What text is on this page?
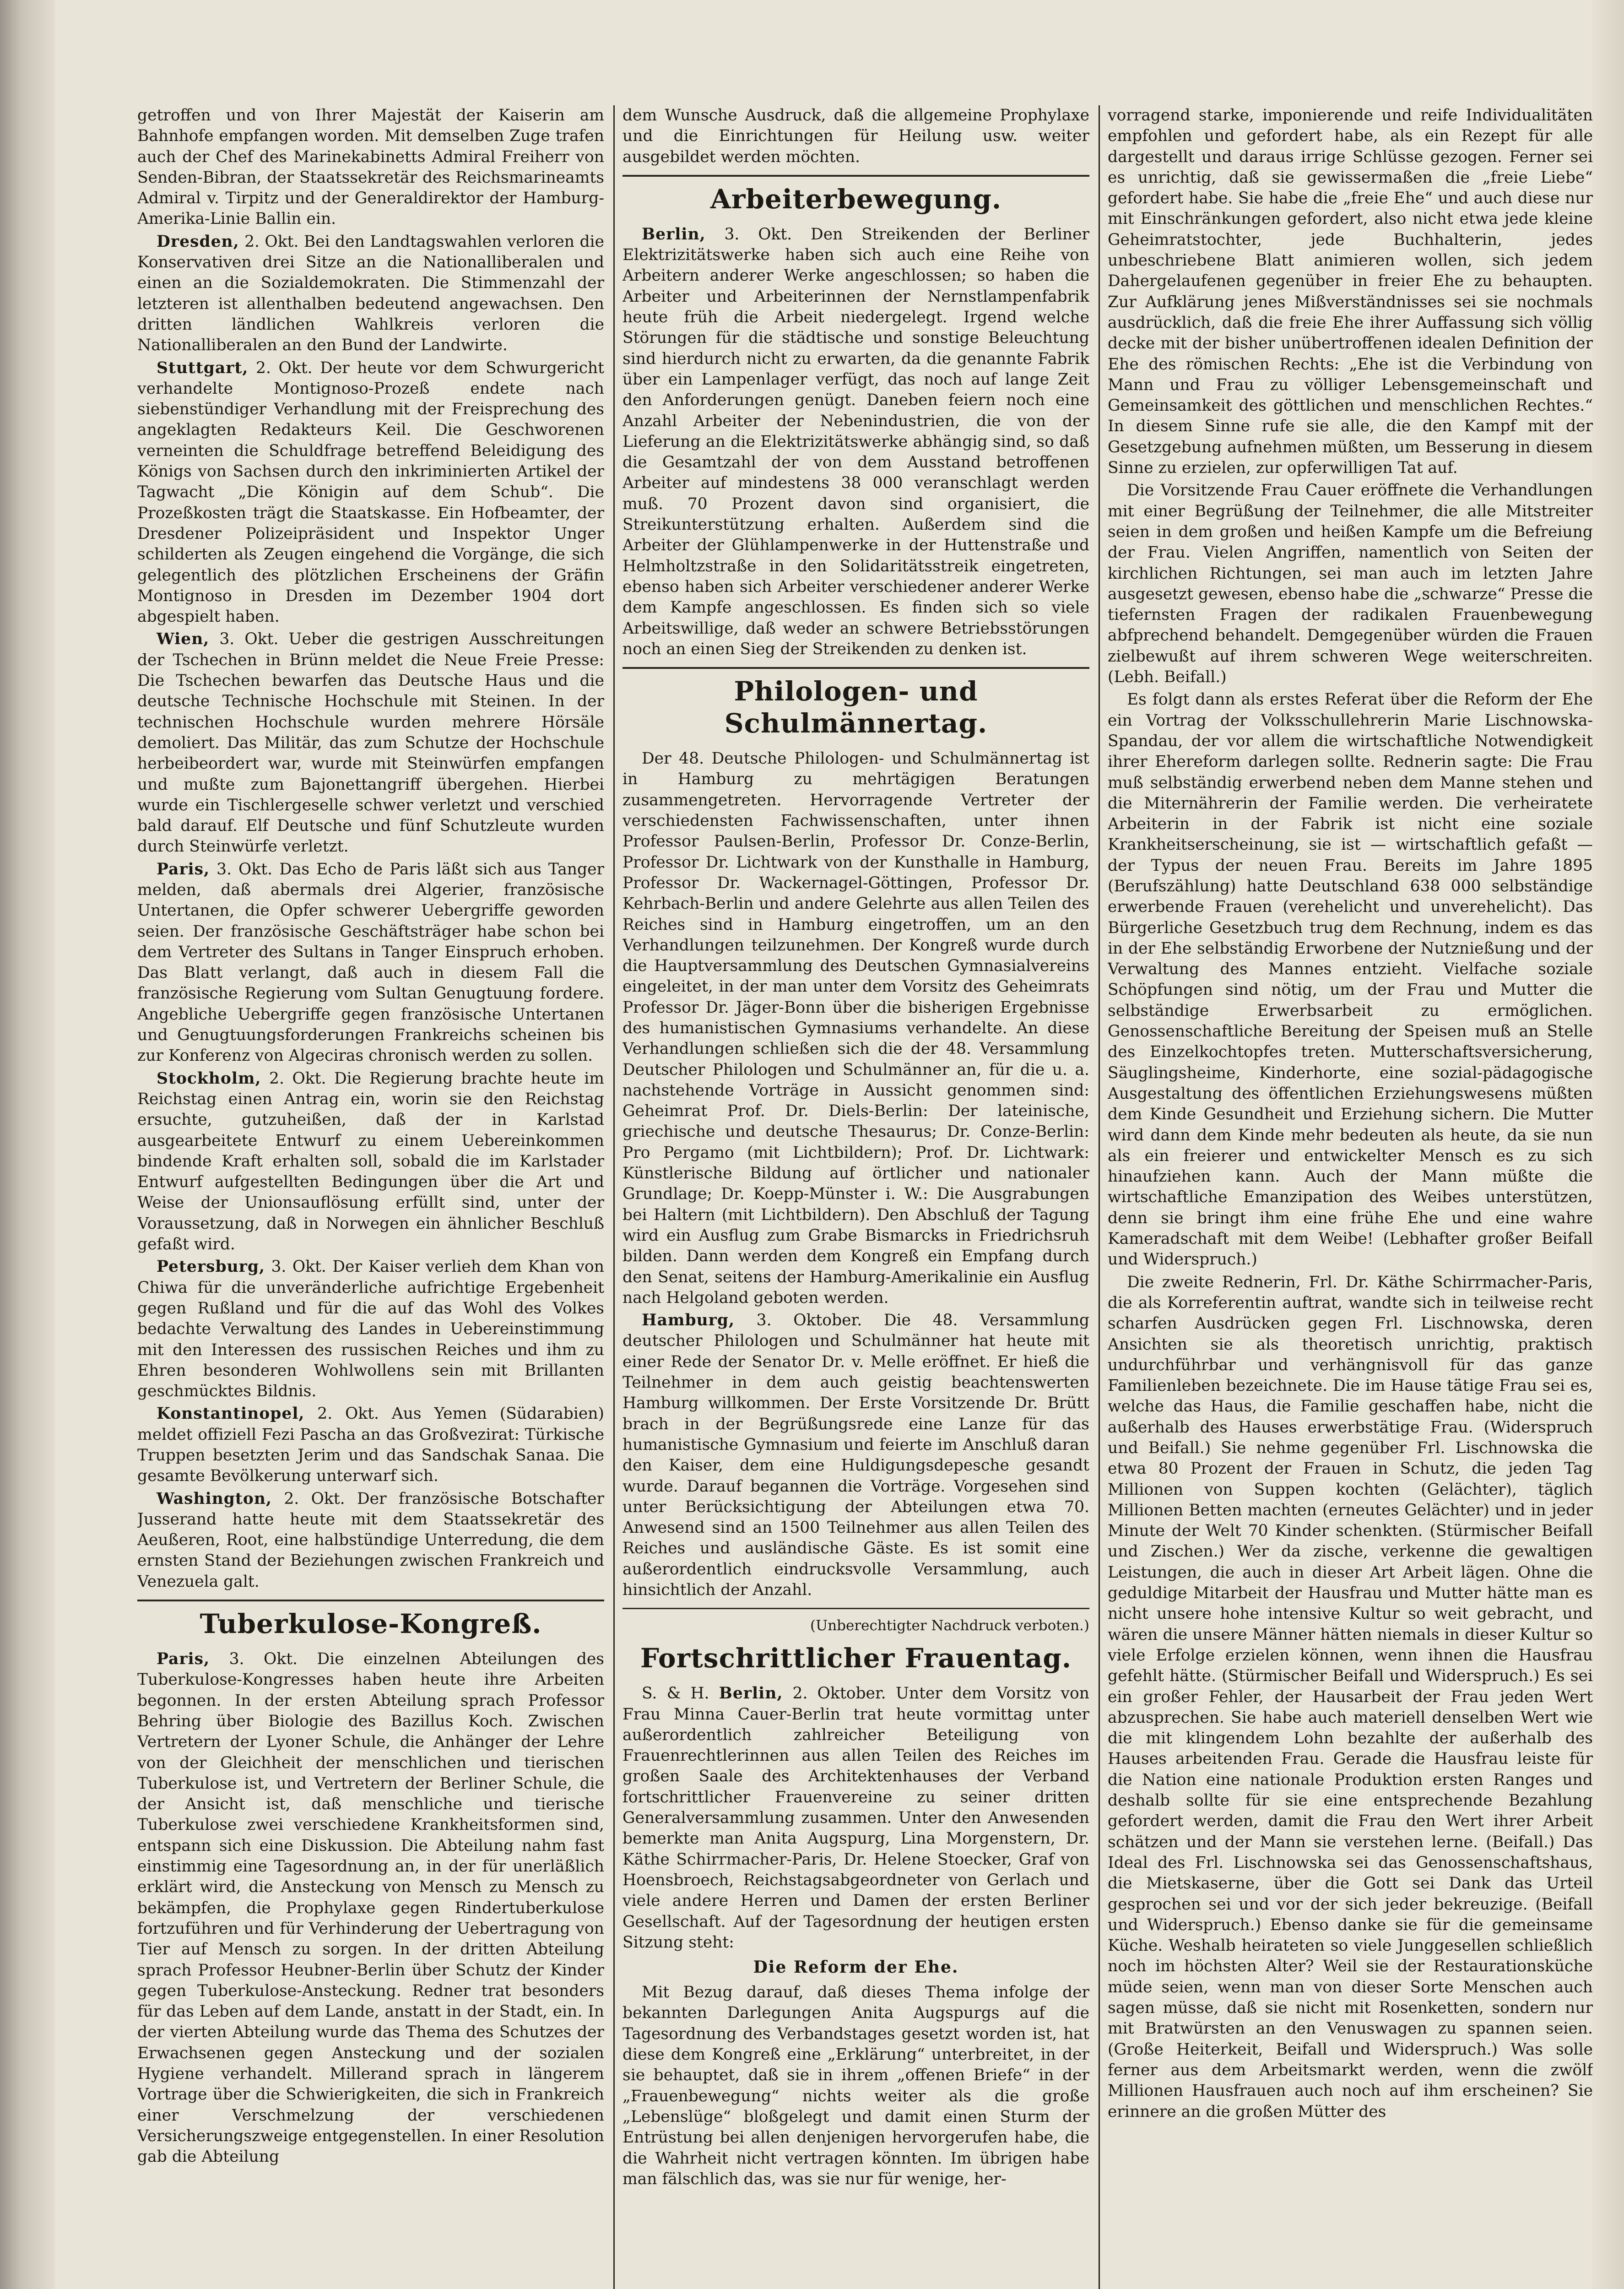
getroffen und von Ihrer Majestät der Kaiserin am Bahnhofe empfangen worden. Mit demselben Zuge trafen auch der Chef des Marinekabinetts Admiral Freiherr von Senden-Bibran, der Staatssekretär des Reichsmarineamts Admiral v. Tirpitz und der Generaldirektor der Hamburg-Amerika-Linie Ballin ein.

Dresden, 2. Okt. Bei den Landtagswahlen verloren die Konservativen drei Sitze an die Nationalliberalen und einen an die Sozialdemokraten. Die Stimmenzahl der letzteren ist allenthalben bedeutend angewachsen. Den dritten ländlichen Wahlkreis verloren die Nationalliberalen an den Bund der Landwirte.

Stuttgart, 2. Okt. Der heute vor dem Schwurgericht verhandelte Montignoso-Prozeß endete nach siebenstündiger Verhandlung mit der Freisprechung des angeklagten Redakteurs Keil. Die Geschworenen verneinten die Schuldfrage betreffend Beleidigung des Königs von Sachsen durch den inkriminierten Artikel der Tagwacht „Die Königin auf dem Schub“. Die Prozeßkosten trägt die Staatskasse. Ein Hofbeamter, der Dresdener Polizeipräsident und Inspektor Unger schilderten als Zeugen eingehend die Vorgänge, die sich gelegentlich des plötzlichen Erscheinens der Gräfin Montignoso in Dresden im Dezember 1904 dort abgespielt haben.

Wien, 3. Okt. Ueber die gestrigen Ausschreitungen der Tschechen in Brünn meldet die Neue Freie Presse: Die Tschechen bewarfen das Deutsche Haus und die deutsche Technische Hochschule mit Steinen. In der technischen Hochschule wurden mehrere Hörsäle demoliert. Das Militär, das zum Schutze der Hochschule herbeibeordert war, wurde mit Steinwürfen empfangen und mußte zum Bajonettangriff übergehen. Hierbei wurde ein Tischlergeselle schwer verletzt und verschied bald darauf. Elf Deutsche und fünf Schutzleute wurden durch Steinwürfe verletzt.

Paris, 3. Okt. Das Echo de Paris läßt sich aus Tanger melden, daß abermals drei Algerier, französische Untertanen, die Opfer schwerer Uebergriffe geworden seien. Der französische Geschäftsträger habe schon bei dem Vertreter des Sultans in Tanger Einspruch erhoben. Das Blatt verlangt, daß auch in diesem Fall die französische Regierung vom Sultan Genugtuung fordere. Angebliche Uebergriffe gegen französische Untertanen und Genugtuungsforderungen Frankreichs scheinen bis zur Konferenz von Algeciras chronisch werden zu sollen.

Stockholm, 2. Okt. Die Regierung brachte heute im Reichstag einen Antrag ein, worin sie den Reichstag ersuchte, gutzuheißen, daß der in Karlstad ausgearbeitete Entwurf zu einem Uebereinkommen bindende Kraft erhalten soll, sobald die im Karlstader Entwurf aufgestellten Bedingungen über die Art und Weise der Unionsauflösung erfüllt sind, unter der Voraussetzung, daß in Norwegen ein ähnlicher Beschluß gefaßt wird.

Petersburg, 3. Okt. Der Kaiser verlieh dem Khan von Chiwa für die unveränderliche aufrichtige Ergebenheit gegen Rußland und für die auf das Wohl des Volkes bedachte Verwaltung des Landes in Uebereinstimmung mit den Interessen des russischen Reiches und ihm zu Ehren besonderen Wohlwollens sein mit Brillanten geschmücktes Bildnis.

Konstantinopel, 2. Okt. Aus Yemen (Südarabien) meldet offiziell Fezi Pascha an das Großvezirat: Türkische Truppen besetzten Jerim und das Sandschak Sanaa. Die gesamte Bevölkerung unterwarf sich.

Washington, 2. Okt. Der französische Botschafter Jusserand hatte heute mit dem Staatssekretär des Aeußeren, Root, eine halbstündige Unterredung, die dem ernsten Stand der Beziehungen zwischen Frankreich und Venezuela galt.

Tuberkulose-Kongreß.

Paris, 3. Okt. Die einzelnen Abteilungen des Tuberkulose-Kongresses haben heute ihre Arbeiten begonnen. In der ersten Abteilung sprach Professor Behring über Biologie des Bazillus Koch. Zwischen Vertretern der Lyoner Schule, die Anhänger der Lehre von der Gleichheit der menschlichen und tierischen Tuberkulose ist, und Vertretern der Berliner Schule, die der Ansicht ist, daß menschliche und tierische Tuberkulose zwei verschiedene Krankheitsformen sind, entspann sich eine Diskussion. Die Abteilung nahm fast einstimmig eine Tagesordnung an, in der für unerläßlich erklärt wird, die Ansteckung von Mensch zu Mensch zu bekämpfen, die Prophylaxe gegen Rindertuberkulose fortzuführen und für Verhinderung der Uebertragung von Tier auf Mensch zu sorgen. In der dritten Abteilung sprach Professor Heubner-Berlin über Schutz der Kinder gegen Tuberkulose-Ansteckung. Redner trat besonders für das Leben auf dem Lande, anstatt in der Stadt, ein. In der vierten Abteilung wurde das Thema des Schutzes der Erwachsenen gegen Ansteckung und der sozialen Hygiene verhandelt. Millerand sprach in längerem Vortrage über die Schwierigkeiten, die sich in Frankreich einer Verschmelzung der verschiedenen Versicherungszweige entgegenstellen. In einer Resolution gab die Abteilung

dem Wunsche Ausdruck, daß die allgemeine Prophylaxe und die Einrichtungen für Heilung usw. weiter ausgebildet werden möchten.

Arbeiterbewegung.

Berlin, 3. Okt. Den Streikenden der Berliner Elektrizitätswerke haben sich auch eine Reihe von Arbeitern anderer Werke angeschlossen; so haben die Arbeiter und Arbeiterinnen der Nernstlampenfabrik heute früh die Arbeit niedergelegt. Irgend welche Störungen für die städtische und sonstige Beleuchtung sind hierdurch nicht zu erwarten, da die genannte Fabrik über ein Lampenlager verfügt, das noch auf lange Zeit den Anforderungen genügt. Daneben feiern noch eine Anzahl Arbeiter der Nebenindustrien, die von der Lieferung an die Elektrizitätswerke abhängig sind, so daß die Gesamtzahl der von dem Ausstand betroffenen Arbeiter auf mindestens 38 000 veranschlagt werden muß. 70 Prozent davon sind organisiert, die Streikunterstützung erhalten. Außerdem sind die Arbeiter der Glühlampenwerke in der Huttenstraße und Helmholtzstraße in den Solidaritätsstreik eingetreten, ebenso haben sich Arbeiter verschiedener anderer Werke dem Kampfe angeschlossen. Es finden sich so viele Arbeitswillige, daß weder an schwere Betriebsstörungen noch an einen Sieg der Streikenden zu denken ist.

Philologen- und Schulmännertag.

Der 48. Deutsche Philologen- und Schulmännertag ist in Hamburg zu mehrtägigen Beratungen zusammengetreten. Hervorragende Vertreter der verschiedensten Fachwissenschaften, unter ihnen Professor Paulsen-Berlin, Professor Dr. Conze-Berlin, Professor Dr. Lichtwark von der Kunsthalle in Hamburg, Professor Dr. Wackernagel-Göttingen, Professor Dr. Kehrbach-Berlin und andere Gelehrte aus allen Teilen des Reiches sind in Hamburg eingetroffen, um an den Verhandlungen teilzunehmen. Der Kongreß wurde durch die Hauptversammlung des Deutschen Gymnasialvereins eingeleitet, in der man unter dem Vorsitz des Geheimrats Professor Dr. Jäger-Bonn über die bisherigen Ergebnisse des humanistischen Gymnasiums verhandelte. An diese Verhandlungen schließen sich die der 48. Versammlung Deutscher Philologen und Schulmänner an, für die u. a. nachstehende Vorträge in Aussicht genommen sind: Geheimrat Prof. Dr. Diels-Berlin: Der lateinische, griechische und deutsche Thesaurus; Dr. Conze-Berlin: Pro Pergamo (mit Lichtbildern); Prof. Dr. Lichtwark: Künstlerische Bildung auf örtlicher und nationaler Grundlage; Dr. Koepp-Münster i. W.: Die Ausgrabungen bei Haltern (mit Lichtbildern). Den Abschluß der Tagung wird ein Ausflug zum Grabe Bismarcks in Friedrichsruh bilden. Dann werden dem Kongreß ein Empfang durch den Senat, seitens der Hamburg-Amerikalinie ein Ausflug nach Helgoland geboten werden.

Hamburg, 3. Oktober. Die 48. Versammlung deutscher Philologen und Schulmänner hat heute mit einer Rede der Senator Dr. v. Melle eröffnet. Er hieß die Teilnehmer in dem auch geistig beachtenswerten Hamburg willkommen. Der Erste Vorsitzende Dr. Brütt brach in der Begrüßungsrede eine Lanze für das humanistische Gymnasium und feierte im Anschluß daran den Kaiser, dem eine Huldigungsdepesche gesandt wurde. Darauf begannen die Vorträge. Vorgesehen sind unter Berücksichtigung der Abteilungen etwa 70. Anwesend sind an 1500 Teilnehmer aus allen Teilen des Reiches und ausländische Gäste. Es ist somit eine außerordentlich eindrucksvolle Versammlung, auch hinsichtlich der Anzahl.

(Unberechtigter Nachdruck verboten.)
Fortschrittlicher Frauentag.

S. & H. Berlin, 2. Oktober. Unter dem Vorsitz von Frau Minna Cauer-Berlin trat heute vormittag unter außerordentlich zahlreicher Beteiligung von Frauenrechtlerinnen aus allen Teilen des Reiches im großen Saale des Architektenhauses der Verband fortschrittlicher Frauenvereine zu seiner dritten Generalversammlung zusammen. Unter den Anwesenden bemerkte man Anita Augspurg, Lina Morgenstern, Dr. Käthe Schirrmacher-Paris, Dr. Helene Stoecker, Graf von Hoensbroech, Reichstagsabgeordneter von Gerlach und viele andere Herren und Damen der ersten Berliner Gesellschaft. Auf der Tagesordnung der heutigen ersten Sitzung steht:

Die Reform der Ehe.

Mit Bezug darauf, daß dieses Thema infolge der bekannten Darlegungen Anita Augspurgs auf die Tagesordnung des Verbandstages gesetzt worden ist, hat diese dem Kongreß eine „Erklärung“ unterbreitet, in der sie behauptet, daß sie in ihrem „offenen Briefe“ in der „Frauenbewegung“ nichts weiter als die große „Lebenslüge“ bloßgelegt und damit einen Sturm der Entrüstung bei allen denjenigen hervorgerufen habe, die die Wahrheit nicht vertragen könnten. Im übrigen habe man fälschlich das, was sie nur für wenige, her-

vorragend starke, imponierende und reife Individualitäten empfohlen und gefordert habe, als ein Rezept für alle dargestellt und daraus irrige Schlüsse gezogen. Ferner sei es unrichtig, daß sie gewissermaßen die „freie Liebe“ gefordert habe. Sie habe die „freie Ehe“ und auch diese nur mit Einschränkungen gefordert, also nicht etwa jede kleine Geheimratstochter, jede Buchhalterin, jedes unbeschriebene Blatt animieren wollen, sich jedem Dahergelaufenen gegenüber in freier Ehe zu behaupten. Zur Aufklärung jenes Mißverständnisses sei sie nochmals ausdrücklich, daß die freie Ehe ihrer Auffassung sich völlig decke mit der bisher unübertroffenen idealen Definition der Ehe des römischen Rechts: „Ehe ist die Verbindung von Mann und Frau zu völliger Lebensgemeinschaft und Gemeinsamkeit des göttlichen und menschlichen Rechtes.“ In diesem Sinne rufe sie alle, die den Kampf mit der Gesetzgebung aufnehmen müßten, um Besserung in diesem Sinne zu erzielen, zur opferwilligen Tat auf.

Die Vorsitzende Frau Cauer eröffnete die Verhandlungen mit einer Begrüßung der Teilnehmer, die alle Mitstreiter seien in dem großen und heißen Kampfe um die Befreiung der Frau. Vielen Angriffen, namentlich von Seiten der kirchlichen Richtungen, sei man auch im letzten Jahre ausgesetzt gewesen, ebenso habe die „schwarze“ Presse die tiefernsten Fragen der radikalen Frauenbewegung abfprechend behandelt. Demgegenüber würden die Frauen zielbewußt auf ihrem schweren Wege weiterschreiten. (Lebh. Beifall.)

Es folgt dann als erstes Referat über die Reform der Ehe ein Vortrag der Volksschullehrerin Marie Lischnowska-Spandau, der vor allem die wirtschaftliche Notwendigkeit ihrer Ehereform darlegen sollte. Rednerin sagte: Die Frau muß selbständig erwerbend neben dem Manne stehen und die Miternährerin der Familie werden. Die verheiratete Arbeiterin in der Fabrik ist nicht eine soziale Krankheitserscheinung, sie ist — wirtschaftlich gefaßt — der Typus der neuen Frau. Bereits im Jahre 1895 (Berufszählung) hatte Deutschland 638 000 selbständige erwerbende Frauen (verehelicht und unverehelicht). Das Bürgerliche Gesetzbuch trug dem Rechnung, indem es das in der Ehe selbständig Erworbene der Nutznießung und der Verwaltung des Mannes entzieht. Vielfache soziale Schöpfungen sind nötig, um der Frau und Mutter die selbständige Erwerbsarbeit zu ermöglichen. Genossenschaftliche Bereitung der Speisen muß an Stelle des Einzelkochtopfes treten. Mutterschaftsversicherung, Säuglingsheime, Kinderhorte, eine sozial-pädagogische Ausgestaltung des öffentlichen Erziehungswesens müßten dem Kinde Gesundheit und Erziehung sichern. Die Mutter wird dann dem Kinde mehr bedeuten als heute, da sie nun als ein freierer und entwickelter Mensch es zu sich hinaufziehen kann. Auch der Mann müßte die wirtschaftliche Emanzipation des Weibes unterstützen, denn sie bringt ihm eine frühe Ehe und eine wahre Kameradschaft mit dem Weibe! (Lebhafter großer Beifall und Widerspruch.)

Die zweite Rednerin, Frl. Dr. Käthe Schirrmacher-Paris, die als Korreferentin auftrat, wandte sich in teilweise recht scharfen Ausdrücken gegen Frl. Lischnowska, deren Ansichten sie als theoretisch unrichtig, praktisch undurchführbar und verhängnisvoll für das ganze Familienleben bezeichnete. Die im Hause tätige Frau sei es, welche das Haus, die Familie geschaffen habe, nicht die außerhalb des Hauses erwerbstätige Frau. (Widerspruch und Beifall.) Sie nehme gegenüber Frl. Lischnowska die etwa 80 Prozent der Frauen in Schutz, die jeden Tag Millionen von Suppen kochten (Gelächter), täglich Millionen Betten machten (erneutes Gelächter) und in jeder Minute der Welt 70 Kinder schenkten. (Stürmischer Beifall und Zischen.) Wer da zische, verkenne die gewaltigen Leistungen, die auch in dieser Art Arbeit lägen. Ohne die geduldige Mitarbeit der Hausfrau und Mutter hätte man es nicht unsere hohe intensive Kultur so weit gebracht, und wären die unsere Männer hätten niemals in dieser Kultur so viele Erfolge erzielen können, wenn ihnen die Hausfrau gefehlt hätte. (Stürmischer Beifall und Widerspruch.) Es sei ein großer Fehler, der Hausarbeit der Frau jeden Wert abzusprechen. Sie habe auch materiell denselben Wert wie die mit klingendem Lohn bezahlte der außerhalb des Hauses arbeitenden Frau. Gerade die Hausfrau leiste für die Nation eine nationale Produktion ersten Ranges und deshalb sollte für sie eine entsprechende Bezahlung gefordert werden, damit die Frau den Wert ihrer Arbeit schätzen und der Mann sie verstehen lerne. (Beifall.) Das Ideal des Frl. Lischnowska sei das Genossenschaftshaus, die Mietskaserne, über die Gott sei Dank das Urteil gesprochen sei und vor der sich jeder bekreuzige. (Beifall und Widerspruch.) Ebenso danke sie für die gemeinsame Küche. Weshalb heirateten so viele Junggesellen schließlich noch im höchsten Alter? Weil sie der Restaurationsküche müde seien, wenn man von dieser Sorte Menschen auch sagen müsse, daß sie nicht mit Rosenketten, sondern nur mit Bratwürsten an den Venuswagen zu spannen seien. (Große Heiterkeit, Beifall und Widerspruch.) Was solle ferner aus dem Arbeitsmarkt werden, wenn die zwölf Millionen Hausfrauen auch noch auf ihm erscheinen? Sie erinnere an die großen Mütter des
